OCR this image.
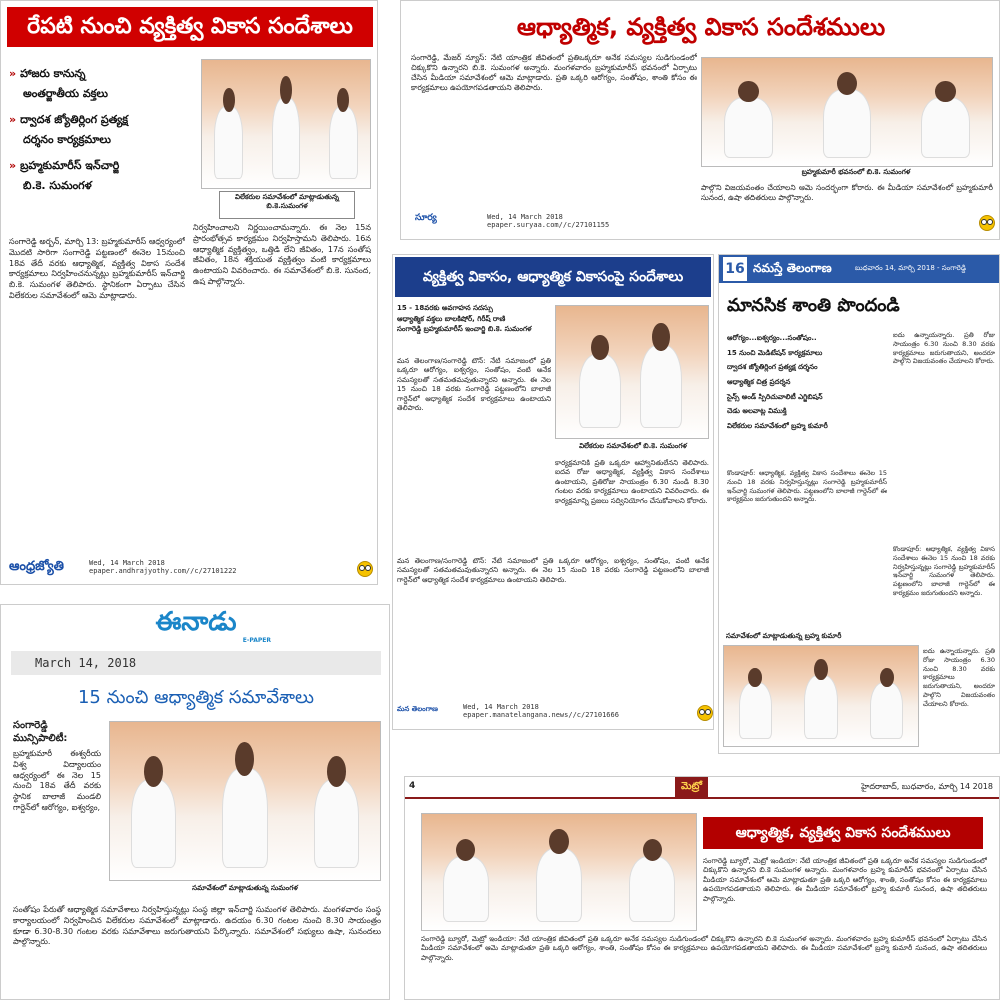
రేపటి నుంచి వ్యక్తిత్వ వికాస సందేశాలు
» హాజరు కానున్న
అంతర్జాతీయ వక్తలు
» ద్వాదశ జ్యోతిర్లింగ ప్రత్యక్ష
దర్శనం కార్యక్రమాలు
» బ్రహ్మకుమారీస్ ఇన్‌చార్జి
బి.కె. సుమంగళ
విలేకరుల సమావేశంలో మాట్లాడుతున్న బి.కె.సుమంగళ
సంగారెడ్డి అర్బన్, మార్చి 13: బ్రహ్మకుమారీస్ ఆధ్వర్యంలో మొదటి సారిగా సంగారెడ్డి పట్టణంలో ఈనెల 15నుంచి 18వ తేదీ వరకు ఆధ్యాత్మిక, వ్యక్తిత్వ వికాస సందేశ కార్యక్రమాలు నిర్వహించనున్నట్లు బ్రహ్మకుమారీస్ ఇన్‌చార్జి బి.కె. సుమంగళ తెలిపారు. స్థానికంగా ఏర్పాటు చేసిన విలేకరుల సమావేశంలో ఆమె మాట్లాడారు.
నిర్వహించాలని నిర్ణయించామన్నారు. ఈ నెల 15న ప్రారంభోత్సవ కార్యక్రమం నిర్వహిస్తామని తెలిపారు. 16న ఆధ్యాత్మిక వ్యక్తిత్వం, ఒత్తిడి లేని జీవితం, 17న సంతోష జీవితం, 18న శక్తియుత వ్యక్తిత్వం వంటి కార్యక్రమాలు ఉంటాయని వివరించారు. ఈ సమావేశంలో బి.కె. సునంద, ఉష పాల్గొన్నారు.
ఆంధ్రజ్యోతి	Wed, 14 March 2018
epaper.andhrajyothy.com//c/27101222
ఆధ్యాత్మిక, వ్యక్తిత్వ వికాస సందేశములు
సంగారెడ్డి, మేజర్ న్యూస్: నేటి యాంత్రిక జీవితంలో ప్రతిఒక్కరూ అనేక సమస్యల సుడిగుండంలో చిక్కుకొని ఉన్నారని బి.కె. సుమంగళ అన్నారు. మంగళవారం బ్రహ్మకుమారీస్ భవనంలో ఏర్పాటు చేసిన మీడియా సమావేశంలో ఆమె మాట్లాడారు. ప్రతి ఒక్కరి ఆరోగ్యం, సంతోషం, శాంతి కోసం ఈ కార్యక్రమాలు ఉపయోగపడతాయని తెలిపారు.
బ్రహ్మకుమారీ భవనంలో బి.కె. సుమంగళ
పాల్గొని విజయవంతం చేయాలని ఆమె సందర్భంగా కోరారు. ఈ మీడియా సమావేశంలో బ్రహ్మకుమారీ సునంద, ఉషా తదితరులు పాల్గొన్నారు.
సూర్య	Wed, 14 March 2018
epaper.suryaa.com//c/27101155
వ్యక్తిత్వ వికాసం, ఆధ్యాత్మిక వికాసంపై సందేశాలు
15 - 18వరకు అవగాహన సదస్సు
ఆధ్యాత్మిక వక్తలు బాలకిషోర్, గిరీష్ రాణి
సంగారెడ్డి బ్రహ్మకుమారీస్ ఇంచార్జి బి.కె. సుమంగళ
మన తెలంగాణ/సంగారెడ్డి టౌన్: నేటి సమాజంలో ప్రతి ఒక్కరూ ఆరోగ్యం, ఐశ్వర్యం, సంతోషం, వంటి అనేక సమస్యలతో సతమతమవుతున్నారని అన్నారు. ఈ నెల 15 నుంచి 18 వరకు సంగారెడ్డి పట్టణంలోని బాలాజీ గార్డెన్‌లో ఆధ్యాత్మిక సందేశ కార్యక్రమాలు ఉంటాయని తెలిపారు.
విలేకరుల సమావేశంలో బి.కె. సుమంగళ
కార్యక్రమానికి ప్రతి ఒక్కరూ ఆహ్వానితులేనని తెలిపారు. ఐదవ రోజు ఆధ్యాత్మిక, వ్యక్తిత్వ వికాస సందేశాలు ఉంటాయని, ప్రతిరోజు సాయంత్రం 6.30 నుండి 8.30 గంటల వరకు కార్యక్రమాలు ఉంటాయని వివరించారు. ఈ కార్యక్రమాన్ని ప్రజలు సద్వినియోగం చేసుకోవాలని కోరారు.
మన తెలంగాణ/సంగారెడ్డి టౌన్: నేటి సమాజంలో ప్రతి ఒక్కరూ ఆరోగ్యం, ఐశ్వర్యం, సంతోషం, వంటి అనేక సమస్యలతో సతమతమవుతున్నారని అన్నారు. ఈ నెల 15 నుంచి 18 వరకు సంగారెడ్డి పట్టణంలోని బాలాజీ గార్డెన్‌లో ఆధ్యాత్మిక సందేశ కార్యక్రమాలు ఉంటాయని తెలిపారు.
మన తెలంగాణ	Wed, 14 March 2018
epaper.manatelangana.news//c/27101666
16 నమస్తే తెలంగాణ	బుధవారం 14, మార్చి 2018 - సంగారెడ్డి
మానసిక శాంతి పొందండి
ఆరోగ్యం...ఐశ్వర్యం...సంతోషం..
15 నుంచి మెడిటేషన్ కార్యక్రమాలు
ద్వాదశ జ్యోతిర్లింగ ప్రత్యక్ష దర్శనం
ఆధ్యాత్మిక చిత్ర ప్రదర్శన
సైన్స్ అండ్ స్పిరిచువాలిటీ ఎగ్జిబిషన్
చెడు అలవాట్ల విముక్తి
విలేకరుల సమావేశంలో బ్రహ్మ కుమారీ
ఐదు ఉన్నాయన్నారు. ప్రతి రోజు సాయంత్రం 6.30 నుంచి 8.30 వరకు కార్యక్రమాలు జరుగుతాయని, అందరూ పాల్గొని విజయవంతం చేయాలని కోరారు.
కొండాపూర్: ఆధ్యాత్మిక, వ్యక్తిత్వ వికాస సందేశాలు ఈనెల 15 నుంచి 18 వరకు నిర్వహిస్తున్నట్లు సంగారెడ్డి బ్రహ్మకుమారీస్ ఇన్‌చార్జి సుమంగళ తెలిపారు. పట్టణంలోని బాలాజీ గార్డెన్‌లో ఈ కార్యక్రమం జరుగుతుందని అన్నారు.
కొండాపూర్: ఆధ్యాత్మిక, వ్యక్తిత్వ వికాస సందేశాలు ఈనెల 15 నుంచి 18 వరకు నిర్వహిస్తున్నట్లు సంగారెడ్డి బ్రహ్మకుమారీస్ ఇన్‌చార్జి సుమంగళ తెలిపారు. పట్టణంలోని బాలాజీ గార్డెన్‌లో ఈ కార్యక్రమం జరుగుతుందని అన్నారు.
సమావేశంలో మాట్లాడుతున్న బ్రహ్మ కుమారీ
ఐదు ఉన్నాయన్నారు. ప్రతి రోజు సాయంత్రం 6.30 నుంచి 8.30 వరకు కార్యక్రమాలు జరుగుతాయని, అందరూ పాల్గొని విజయవంతం చేయాలని కోరారు.
ఈనాడు
E-PAPER
March 14, 2018
15 నుంచి ఆధ్యాత్మిక సమావేశాలు
సంగారెడ్డి మున్సిపాలిటీ:
బ్రహ్మకుమారీ ఈశ్వరీయ విశ్వ విద్యాలయం ఆధ్వర్యంలో ఈ నెల 15 నుంచి 18వ తేదీ వరకు స్థానిక బాలాజీ మండలి గార్డెన్‌లో ఆరోగ్యం, ఐశ్వర్యం,
సమావేశంలో మాట్లాడుతున్న సుమంగళ
సంతోషం పేరుతో ఆధ్యాత్మిక సమావేశాలు నిర్వహిస్తున్నట్లు సంస్థ జిల్లా ఇన్‌చార్జి సుమంగళ తెలిపారు. మంగళవారం సంస్థ కార్యాలయంలో నిర్వహించిన విలేకరుల సమావేశంలో మాట్లాడారు. ఉదయం 6.30 గంటల నుంచి 8.30 సాయంత్రం కూడా 6.30-8.30 గంటల వరకు సమావేశాలు జరుగుతాయని పేర్కొన్నారు. సమావేశంలో సభ్యులు ఉషా, సునందలు పాల్గొన్నారు.
4	మెట్రో	హైదరాబాద్, బుధవారం, మార్చి 14 2018
ఆధ్యాత్మిక, వ్యక్తిత్వ వికాస సందేశములు
సంగారెడ్డి బ్యూరో, మెట్రో ఇండియా: నేటి యాంత్రిక జీవితంలో ప్రతి ఒక్కరూ అనేక సమస్యల సుడిగుండంలో చిక్కుకొని ఉన్నారని బి.కె సుమంగళ అన్నారు. మంగళవారం బ్రహ్మ కుమారీస్ భవనంలో ఏర్పాటు చేసిన మీడియా సమావేశంలో ఆమె మాట్లాడుతూ ప్రతి ఒక్కరి ఆరోగ్యం, శాంతి, సంతోషం కోసం ఈ కార్యక్రమాలు ఉపయోగపడతాయని తెలిపారు. ఈ మీడియా సమావేశంలో బ్రహ్మ కుమారీ సునంద, ఉషా తదితరులు పాల్గొన్నారు.
సంగారెడ్డి బ్యూరో, మెట్రో ఇండియా: నేటి యాంత్రిక జీవితంలో ప్రతి ఒక్కరూ అనేక సమస్యల సుడిగుండంలో చిక్కుకొని ఉన్నారని బి.కె సుమంగళ అన్నారు. మంగళవారం బ్రహ్మ కుమారీస్ భవనంలో ఏర్పాటు చేసిన మీడియా సమావేశంలో ఆమె మాట్లాడుతూ ప్రతి ఒక్కరి ఆరోగ్యం, శాంతి, సంతోషం కోసం ఈ కార్యక్రమాలు ఉపయోగపడతాయని తెలిపారు. ఈ మీడియా సమావేశంలో బ్రహ్మ కుమారీ సునంద, ఉషా తదితరులు పాల్గొన్నారు.
